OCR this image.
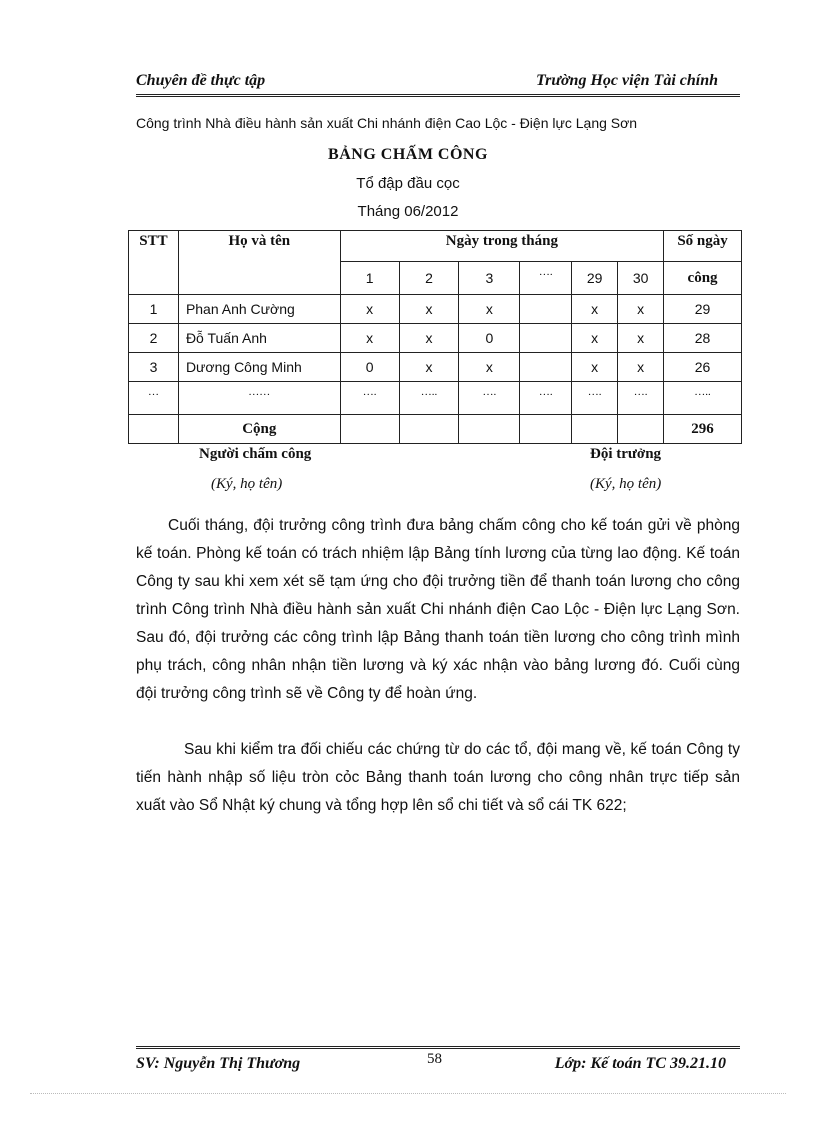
Chuyên đề thực tập	Trường Học viện Tài chính
Công trình Nhà điều hành sản xuất Chi nhánh điện Cao Lộc - Điện lực Lạng Sơn
BẢNG CHẤM CÔNG
Tổ đập đầu cọc
Tháng 06/2012
STT	Họ và tên	Ngày trong tháng						Số ngày
		1	2	3	….	29	30	công
1	Phan Anh Cường	x	x	x		x	x	29
2	Đỗ Tuấn Anh	x	x	0		x	x	28
3	Dương Công Minh	0	x	x		x	x	26
…	……	….	…..	….	….	….	….	…..
	Cộng							296
Người chấm công
(Ký, họ tên)
Đội trưởng
(Ký, họ tên)
Cuối tháng, đội trưởng công trình đưa bảng chấm công cho kế toán gửi về phòng kế toán. Phòng kế toán có trách nhiệm lập Bảng tính lương của từng lao động. Kế toán Công ty sau khi xem xét sẽ tạm ứng cho đội trưởng tiền để thanh toán lương cho công trình Công trình Nhà điều hành sản xuất Chi nhánh điện Cao Lộc - Điện lực Lạng Sơn. Sau đó, đội trưởng các công trình lập Bảng thanh toán tiền lương cho công trình mình phụ trách, công nhân nhận tiền lương và ký xác nhận vào bảng lương đó. Cuối cùng đội trưởng công trình sẽ về Công ty để hoàn ứng.
Sau khi kiểm tra đối chiếu các chứng từ do các tổ, đội mang về, kế toán Công ty tiến hành nhập số liệu tròn cỏc Bảng thanh toán lương cho công nhân trực tiếp sản xuất vào Sổ Nhật ký chung và tổng hợp lên sổ chi tiết và sổ cái TK 622;
SV: Nguyễn Thị Thương	58	Lớp: Kế toán TC 39.21.10
